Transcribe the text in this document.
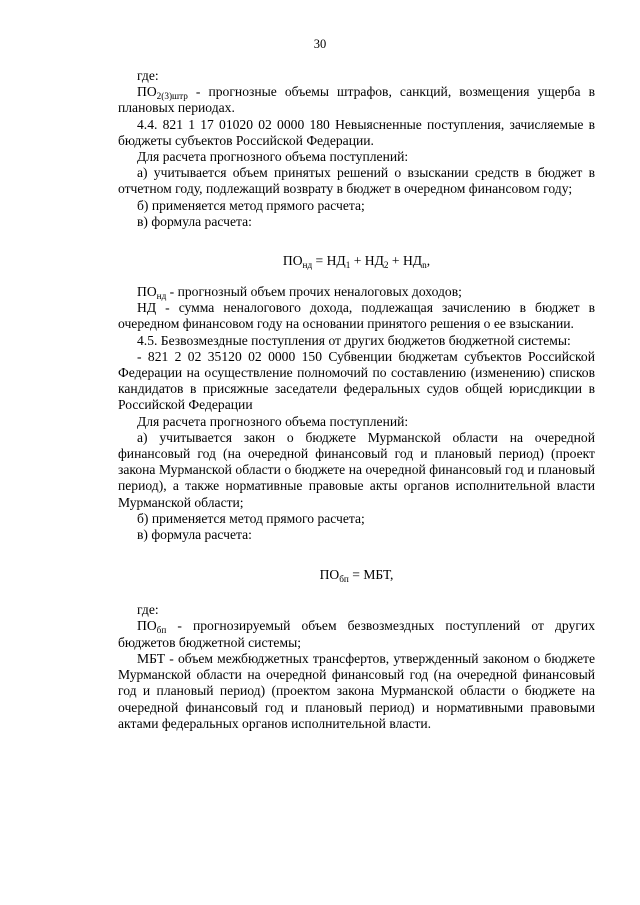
30

где:

$ПО_{2(3)штр}$ - прогнозные объемы штрафов, санкций, возмещения ущерба в плановых периодах.

4.4. 821 1 17 01020 02 0000 180 Невыясненные поступления, зачисляемые в бюджеты субъектов Российской Федерации.

Для расчета прогнозного объема поступлений:

а) учитывается объем принятых решений о взыскании средств в бюджет в отчетном году, подлежащий возврату в бюджет в очередном финансовом году;

б) применяется метод прямого расчета;

в) формула расчета:

$ПО_{нд} = НД_1 + НД_2 + НД_n$,

$ПО_{нд}$ - прогнозный объем прочих неналоговых доходов;

НД - сумма неналогового дохода, подлежащая зачислению в бюджет в очередном финансовом году на основании принятого решения о ее взыскании.

4.5. Безвозмездные поступления от других бюджетов бюджетной системы:

- 821 2 02 35120 02 0000 150 Субвенции бюджетам субъектов Российской Федерации на осуществление полномочий по составлению (изменению) списков кандидатов в присяжные заседатели федеральных судов общей юрисдикции в Российской Федерации

Для расчета прогнозного объема поступлений:

а) учитывается закон о бюджете Мурманской области на очередной финансовый год (на очередной финансовый год и плановый период) (проект закона Мурманской области о бюджете на очередной финансовый год и плановый период), а также нормативные правовые акты органов исполнительной власти Мурманской области;

б) применяется метод прямого расчета;

в) формула расчета:

$ПО_{бп}$ = МБТ,

где:

$ПО_{бп}$ - прогнозируемый объем безвозмездных поступлений от других бюджетов бюджетной системы;

МБТ - объем межбюджетных трансфертов, утвержденный законом о бюджете Мурманской области на очередной финансовый год (на очередной финансовый год и плановый период) (проектом закона Мурманской области о бюджете на очередной финансовый год и плановый период) и нормативными правовыми актами федеральных органов исполнительной власти.
